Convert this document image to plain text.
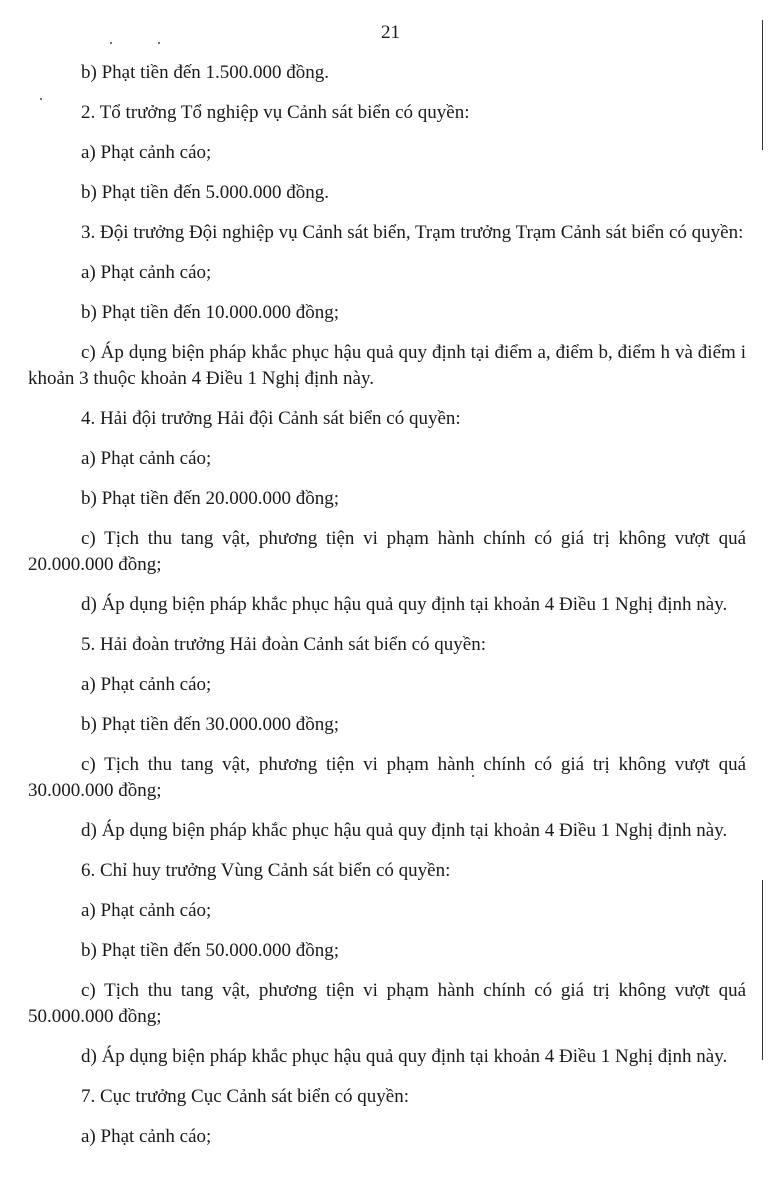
21

b) Phạt tiền đến 1.500.000 đồng.

2. Tổ trưởng Tổ nghiệp vụ Cảnh sát biển có quyền:

a) Phạt cảnh cáo;

b) Phạt tiền đến 5.000.000 đồng.

3. Đội trưởng Đội nghiệp vụ Cảnh sát biển, Trạm trưởng Trạm Cảnh sát biển có quyền:

a) Phạt cảnh cáo;

b) Phạt tiền đến 10.000.000 đồng;

c) Áp dụng biện pháp khắc phục hậu quả quy định tại điểm a, điểm b, điểm h và điểm i khoản 3 thuộc khoản 4 Điều 1 Nghị định này.

4. Hải đội trưởng Hải đội Cảnh sát biển có quyền:

a) Phạt cảnh cáo;

b) Phạt tiền đến 20.000.000 đồng;

c) Tịch thu tang vật, phương tiện vi phạm hành chính có giá trị không vượt quá 20.000.000 đồng;

d) Áp dụng biện pháp khắc phục hậu quả quy định tại khoản 4 Điều 1 Nghị định này.

5. Hải đoàn trưởng Hải đoàn Cảnh sát biển có quyền:

a) Phạt cảnh cáo;

b) Phạt tiền đến 30.000.000 đồng;

c) Tịch thu tang vật, phương tiện vi phạm hành chính có giá trị không vượt quá 30.000.000 đồng;

d) Áp dụng biện pháp khắc phục hậu quả quy định tại khoản 4 Điều 1 Nghị định này.

6. Chỉ huy trưởng Vùng Cảnh sát biển có quyền:

a) Phạt cảnh cáo;

b) Phạt tiền đến 50.000.000 đồng;

c) Tịch thu tang vật, phương tiện vi phạm hành chính có giá trị không vượt quá 50.000.000 đồng;

d) Áp dụng biện pháp khắc phục hậu quả quy định tại khoản 4 Điều 1 Nghị định này.

7. Cục trưởng Cục Cảnh sát biển có quyền:

a) Phạt cảnh cáo;
